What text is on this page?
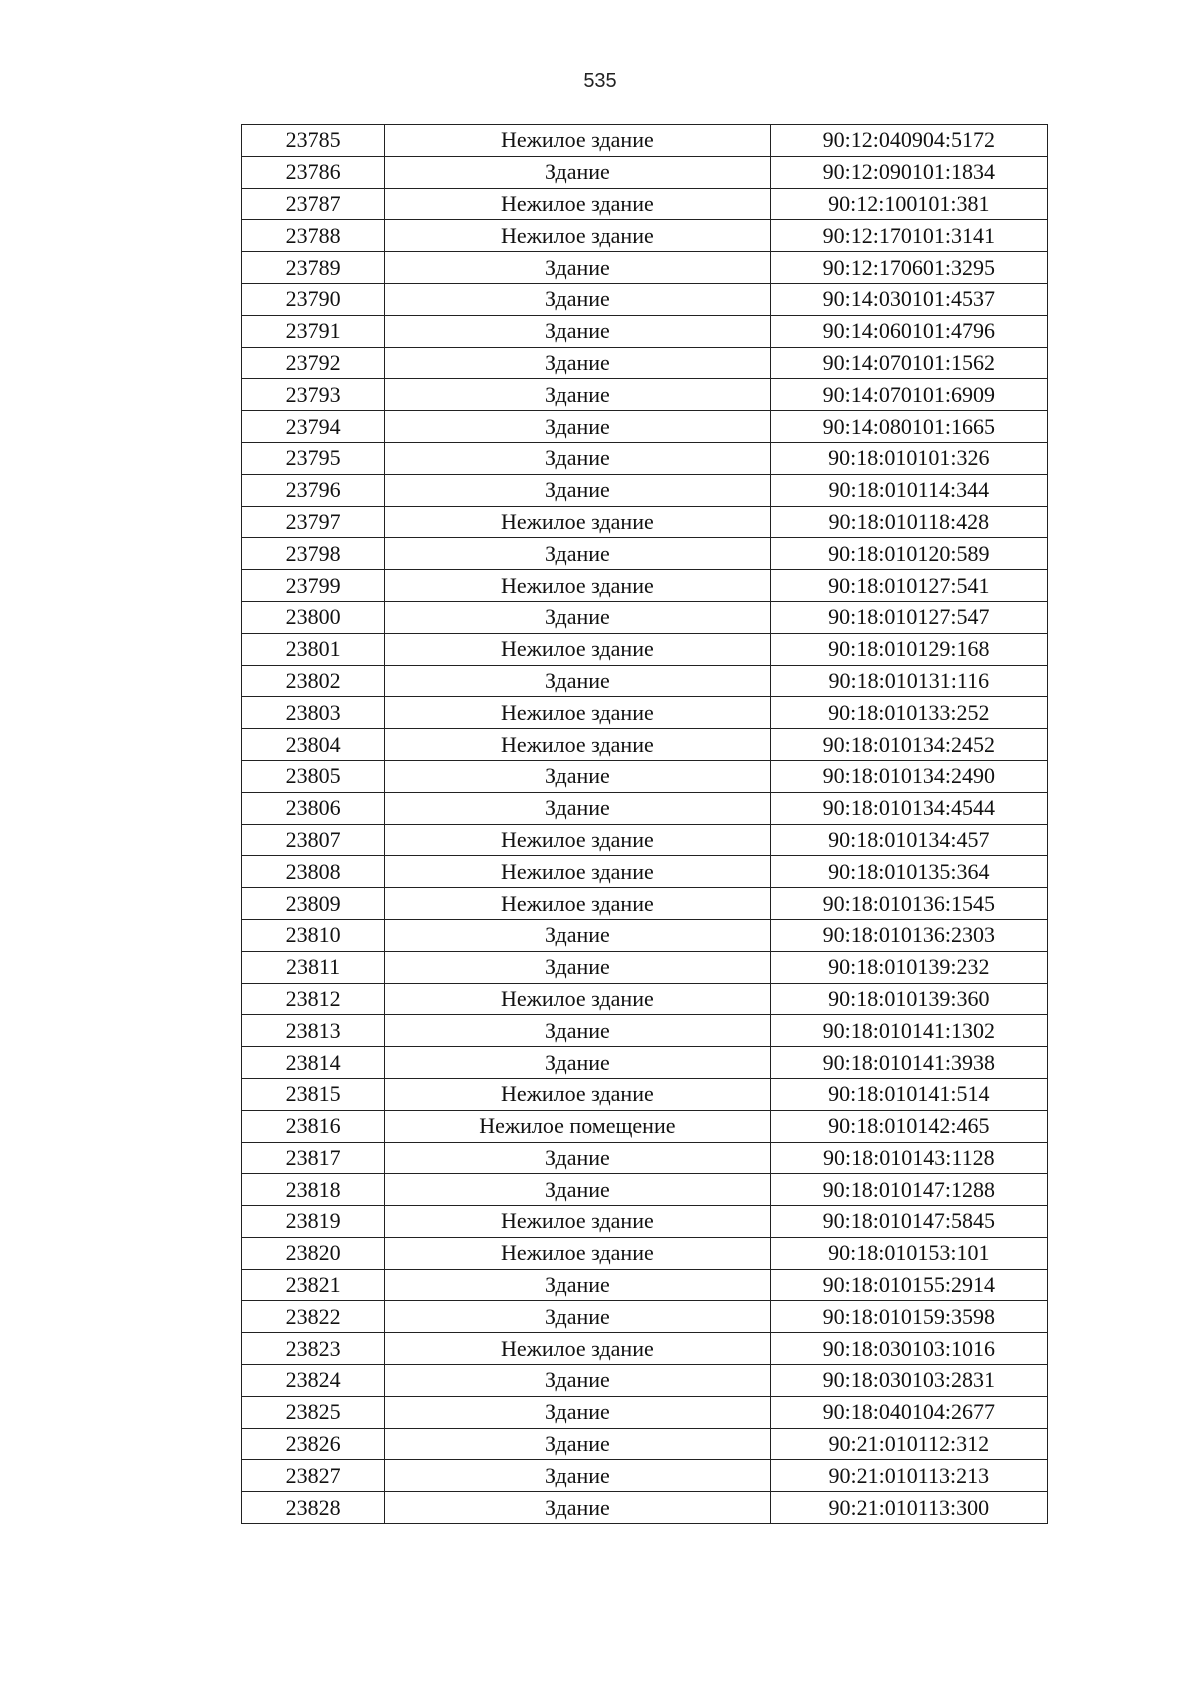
535
23785	Нежилое здание	90:12:040904:5172
23786	Здание	90:12:090101:1834
23787	Нежилое здание	90:12:100101:381
23788	Нежилое здание	90:12:170101:3141
23789	Здание	90:12:170601:3295
23790	Здание	90:14:030101:4537
23791	Здание	90:14:060101:4796
23792	Здание	90:14:070101:1562
23793	Здание	90:14:070101:6909
23794	Здание	90:14:080101:1665
23795	Здание	90:18:010101:326
23796	Здание	90:18:010114:344
23797	Нежилое здание	90:18:010118:428
23798	Здание	90:18:010120:589
23799	Нежилое здание	90:18:010127:541
23800	Здание	90:18:010127:547
23801	Нежилое здание	90:18:010129:168
23802	Здание	90:18:010131:116
23803	Нежилое здание	90:18:010133:252
23804	Нежилое здание	90:18:010134:2452
23805	Здание	90:18:010134:2490
23806	Здание	90:18:010134:4544
23807	Нежилое здание	90:18:010134:457
23808	Нежилое здание	90:18:010135:364
23809	Нежилое здание	90:18:010136:1545
23810	Здание	90:18:010136:2303
23811	Здание	90:18:010139:232
23812	Нежилое здание	90:18:010139:360
23813	Здание	90:18:010141:1302
23814	Здание	90:18:010141:3938
23815	Нежилое здание	90:18:010141:514
23816	Нежилое помещение	90:18:010142:465
23817	Здание	90:18:010143:1128
23818	Здание	90:18:010147:1288
23819	Нежилое здание	90:18:010147:5845
23820	Нежилое здание	90:18:010153:101
23821	Здание	90:18:010155:2914
23822	Здание	90:18:010159:3598
23823	Нежилое здание	90:18:030103:1016
23824	Здание	90:18:030103:2831
23825	Здание	90:18:040104:2677
23826	Здание	90:21:010112:312
23827	Здание	90:21:010113:213
23828	Здание	90:21:010113:300
